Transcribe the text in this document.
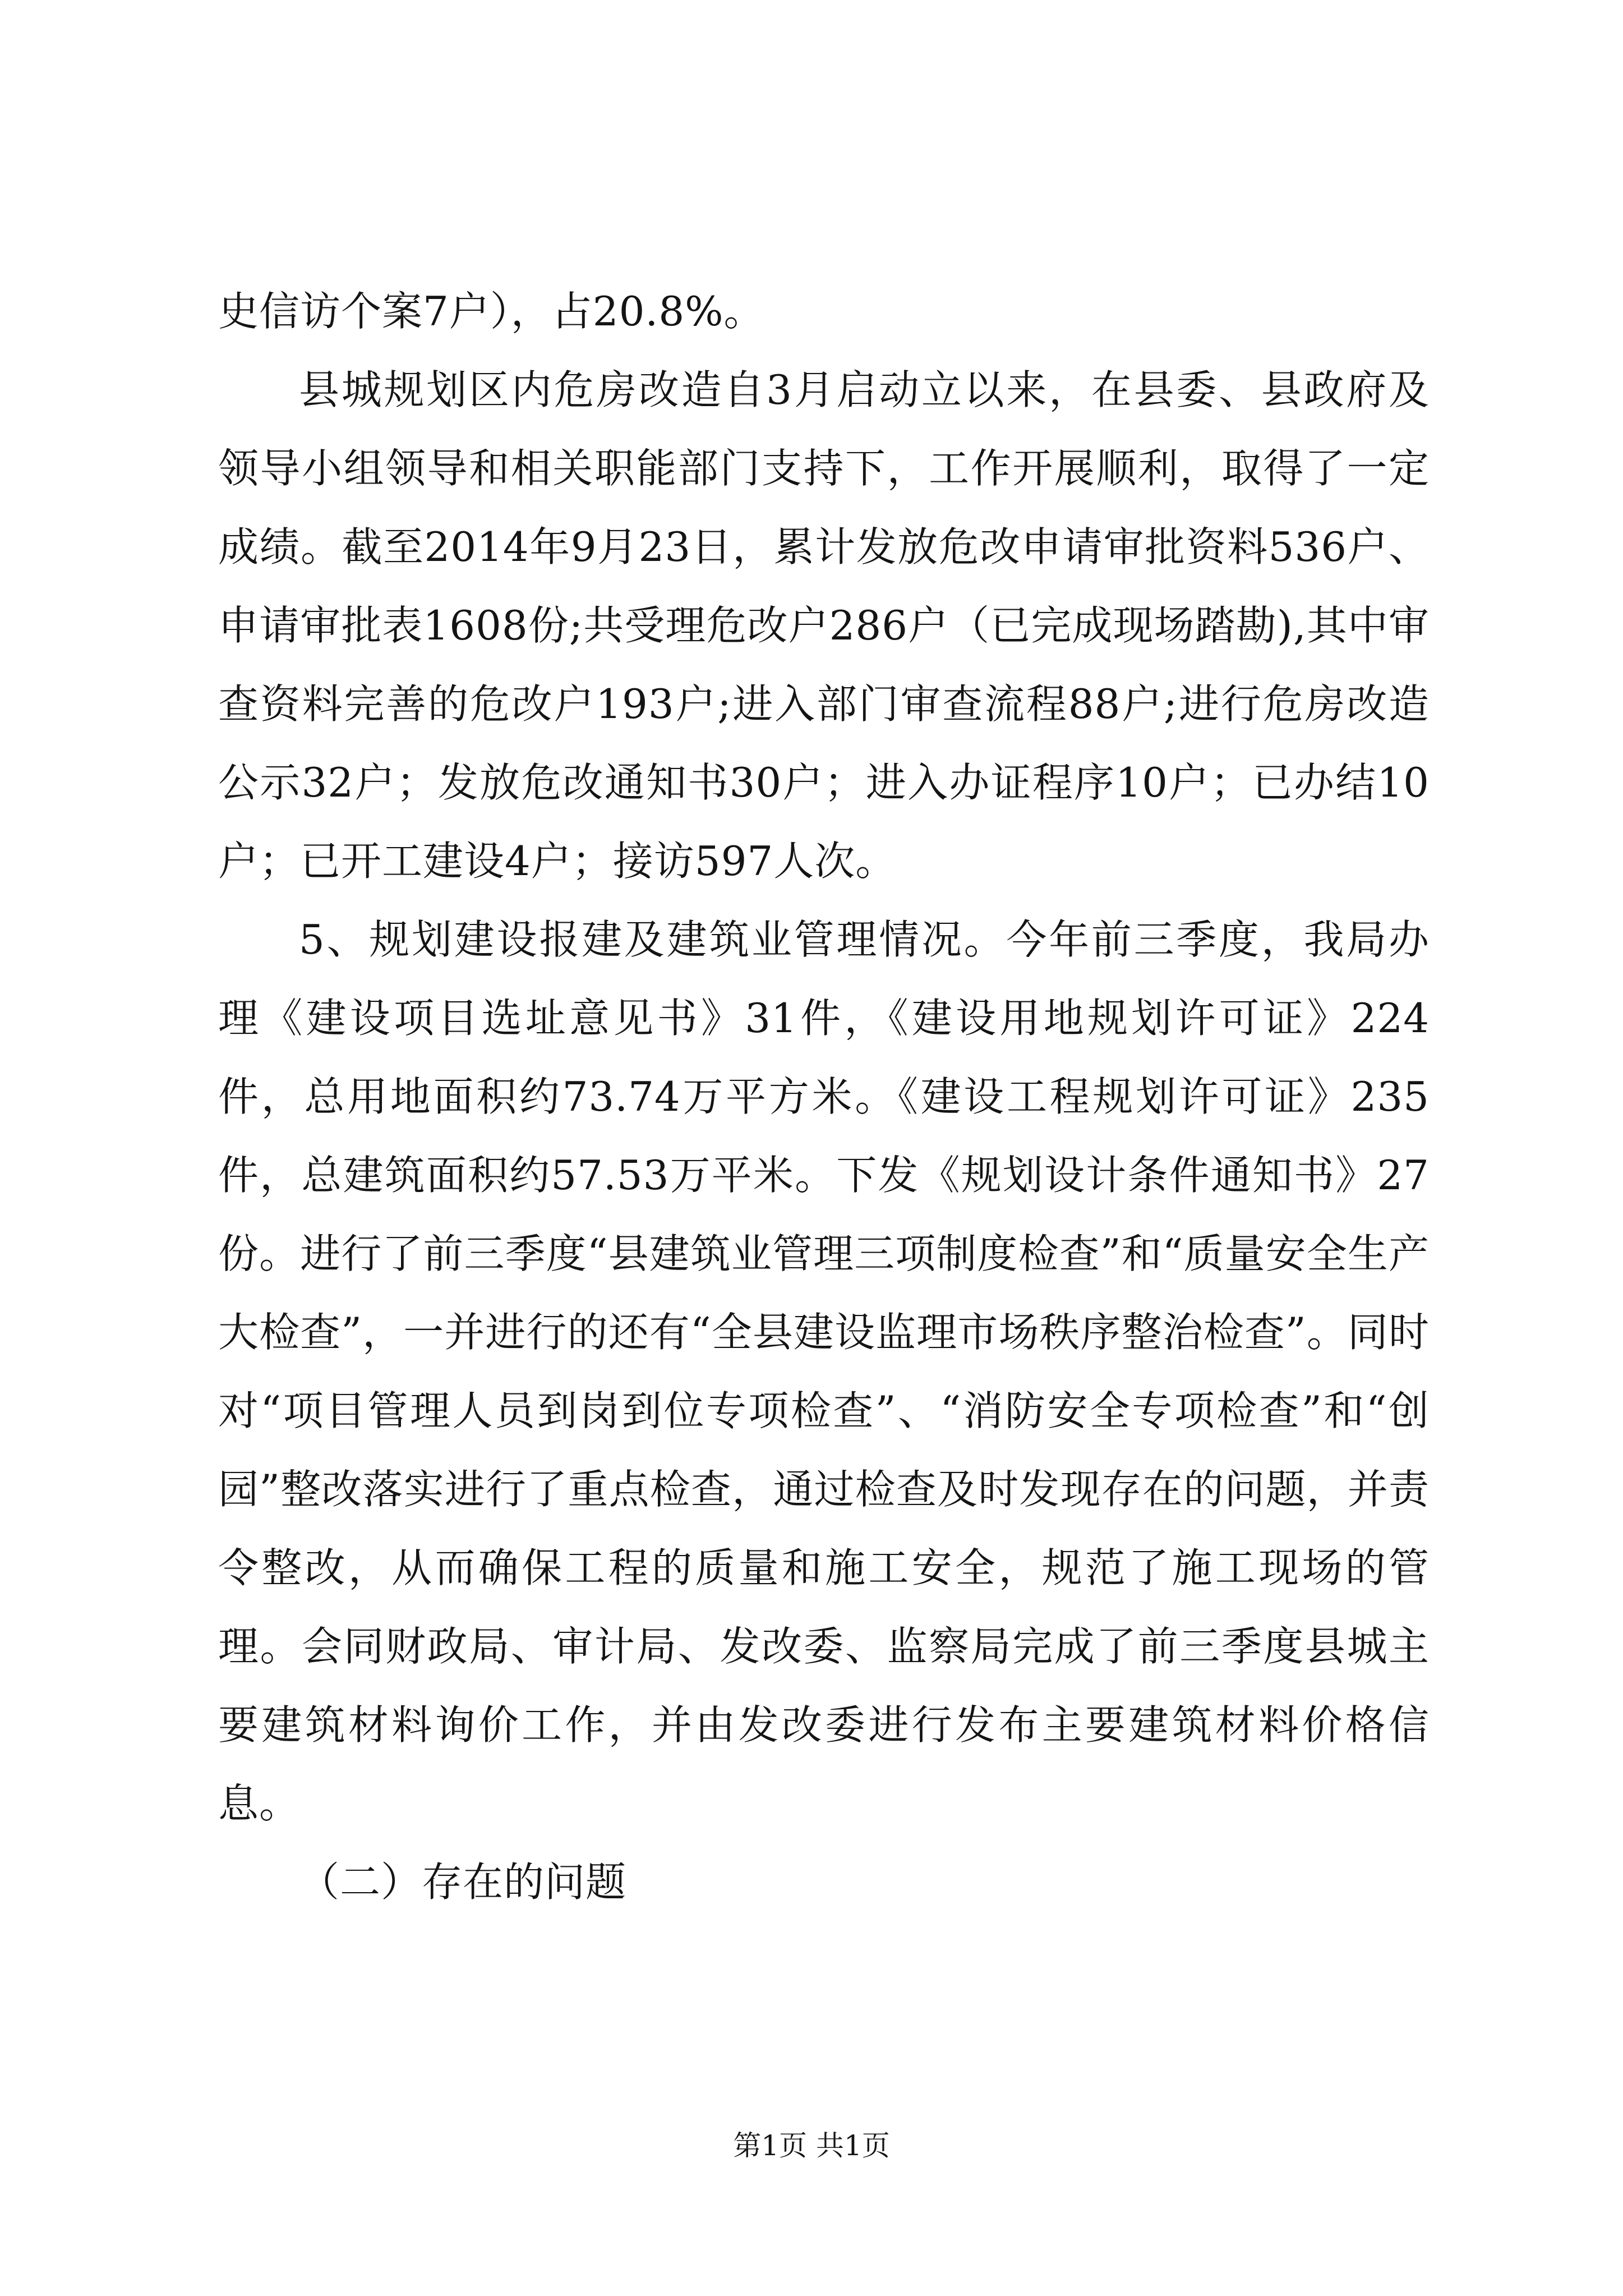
史信访个案7户），占20.8%。

县城规划区内危房改造自3月启动立以来，在县委、县政府及领导小组领导和相关职能部门支持下，工作开展顺利，取得了一定成绩。截至2014年9月23日，累计发放危改申请审批资料536户、申请审批表1608份;共受理危改户286户（已完成现场踏勘),其中审查资料完善的危改户193户;进入部门审查流程88户;进行危房改造公示32户；发放危改通知书30户；进入办证程序10户；已办结10户；已开工建设4户；接访597人次。

5、规划建设报建及建筑业管理情况。今年前三季度，我局办理《建设项目选址意见书》31件，《建设用地规划许可证》224件，总用地面积约73.74万平方米。《建设工程规划许可证》235件，总建筑面积约57.53万平米。下发《规划设计条件通知书》27份。进行了前三季度“县建筑业管理三项制度检查”和“质量安全生产大检查”，一并进行的还有“全县建设监理市场秩序整治检查”。同时对“项目管理人员到岗到位专项检查”、“消防安全专项检查”和“创园”整改落实进行了重点检查，通过检查及时发现存在的问题，并责令整改，从而确保工程的质量和施工安全，规范了施工现场的管理。会同财政局、审计局、发改委、监察局完成了前三季度县城主要建筑材料询价工作，并由发改委进行发布主要建筑材料价格信息。

（二）存在的问题

第1页 共1页
